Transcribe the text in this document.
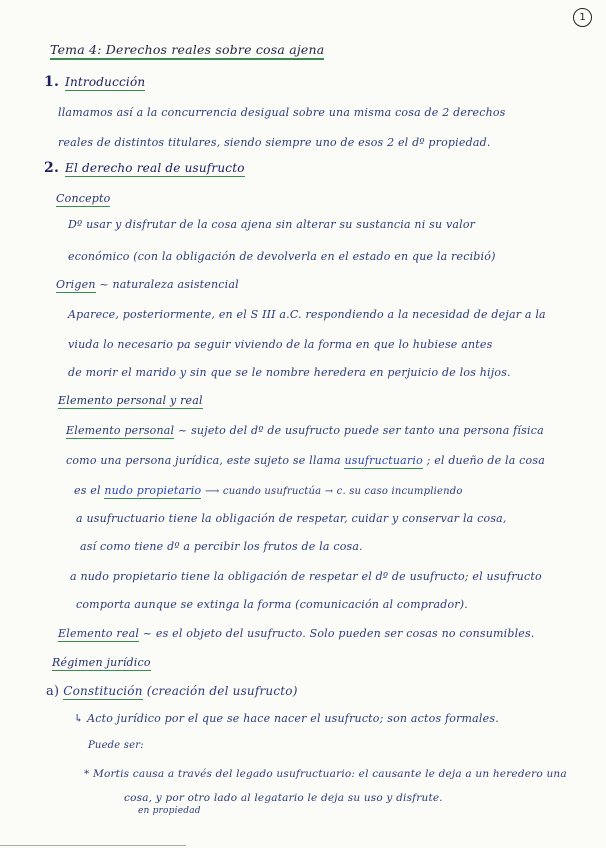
1
Tema 4: Derechos reales sobre cosa ajena
1. Introducción
llamamos así a la concurrencia desigual sobre una misma cosa de 2 derechos
reales de distintos titulares, siendo siempre uno de esos 2 el dº propiedad.
2. El derecho real de usufructo
Concepto
Dº usar y disfrutar de la cosa ajena sin alterar su sustancia ni su valor
económico (con la obligación de devolverla en el estado en que la recibió)
Origen ~ naturaleza asistencial
Aparece, posteriormente, en el S III a.C. respondiendo a la necesidad de dejar a la
viuda lo necesario pa seguir viviendo de la forma en que lo hubiese antes
de morir el marido y sin que se le nombre heredera en perjuicio de los hijos.
Elemento personal y real
Elemento personal ~ sujeto del dº de usufructo puede ser tanto una persona física
como una persona jurídica, este sujeto se llama usufructuario ; el dueño de la cosa
es el nudo propietario ⟶ cuando usufructúa → c. su caso incumpliendo
a usufructuario tiene la obligación de respetar, cuidar y conservar la cosa,
así como tiene dº a percibir los frutos de la cosa.
a nudo propietario tiene la obligación de respetar el dº de usufructo; el usufructo
comporta aunque se extinga la forma (comunicación al comprador).
Elemento real ~ es el objeto del usufructo. Solo pueden ser cosas no consumibles.
Régimen jurídico
a) Constitución (creación del usufructo)
↳ Acto jurídico por el que se hace nacer el usufructo; son actos formales.
Puede ser:
* Mortis causa a través del legado usufructuario: el causante le deja a un heredero una
cosa, y por otro lado al legatario le deja su uso y disfrute.
en propiedad
